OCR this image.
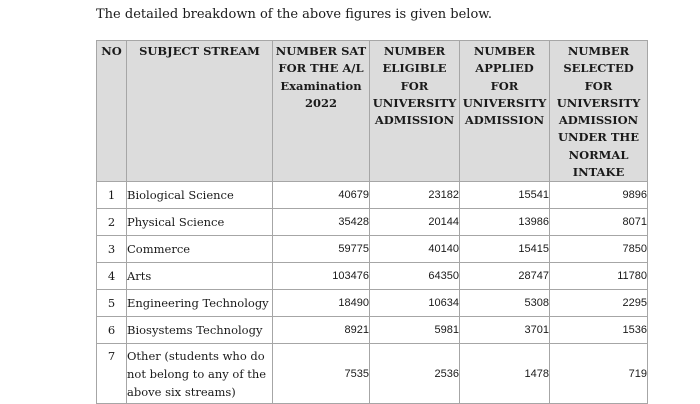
The detailed breakdown of the above figures is given below.
NO	SUBJECT STREAM	NUMBER SAT FOR THE A/L Examination 2022	NUMBER ELIGIBLE FOR UNIVERSITY ADMISSION	NUMBER APPLIED FOR UNIVERSITY ADMISSION	NUMBER SELECTED FOR UNIVERSITY ADMISSION UNDER THE NORMAL INTAKE
1	Biological Science	40679	23182	15541	9896
2	Physical Science	35428	20144	13986	8071
3	Commerce	59775	40140	15415	7850
4	Arts	103476	64350	28747	11780
5	Engineering Technology	18490	10634	5308	2295
6	Biosystems Technology	8921	5981	3701	1536
7	Other (students who do not belong to any of the above six streams)	7535	2536	1478	719
